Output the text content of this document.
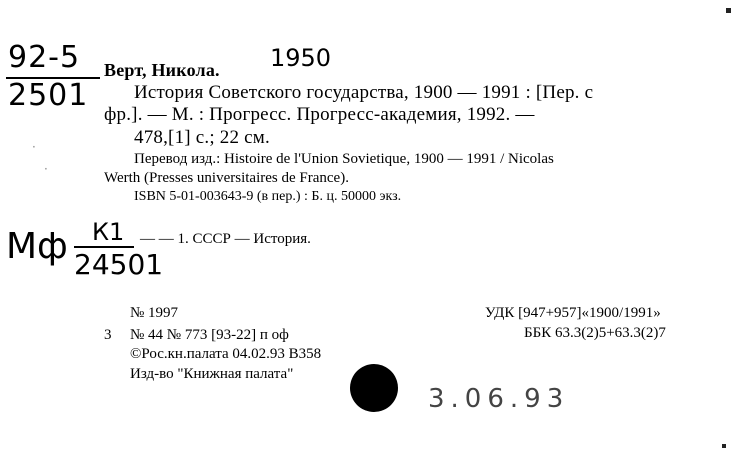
92-5
2501
Верт, Никола. 1950
История Советского государства, 1900 — 1991 : [Пер. с
фр.]. — М. : Прогресс. Прогресс-академия, 1992. —
478,[1] с.; 22 см.
Перевод изд.: Histoire de l'Union Sovietique, 1900 — 1991 / Nicolas
Werth (Presses universitaires de France).
ISBN 5-01-003643-9 (в пер.) : Б. ц. 50000 экз.
·
·
Мф К1
24501
— — 1. СССР — История.
№ 1997
3 № 44 № 773 [93-22] п оф
©Рос.кн.палата 04.02.93 В358
Изд-во "Книжная палата"
УДК [947+957]«1900/1991»
ББК 63.3(2)5+63.3(2)7
3.06.93
